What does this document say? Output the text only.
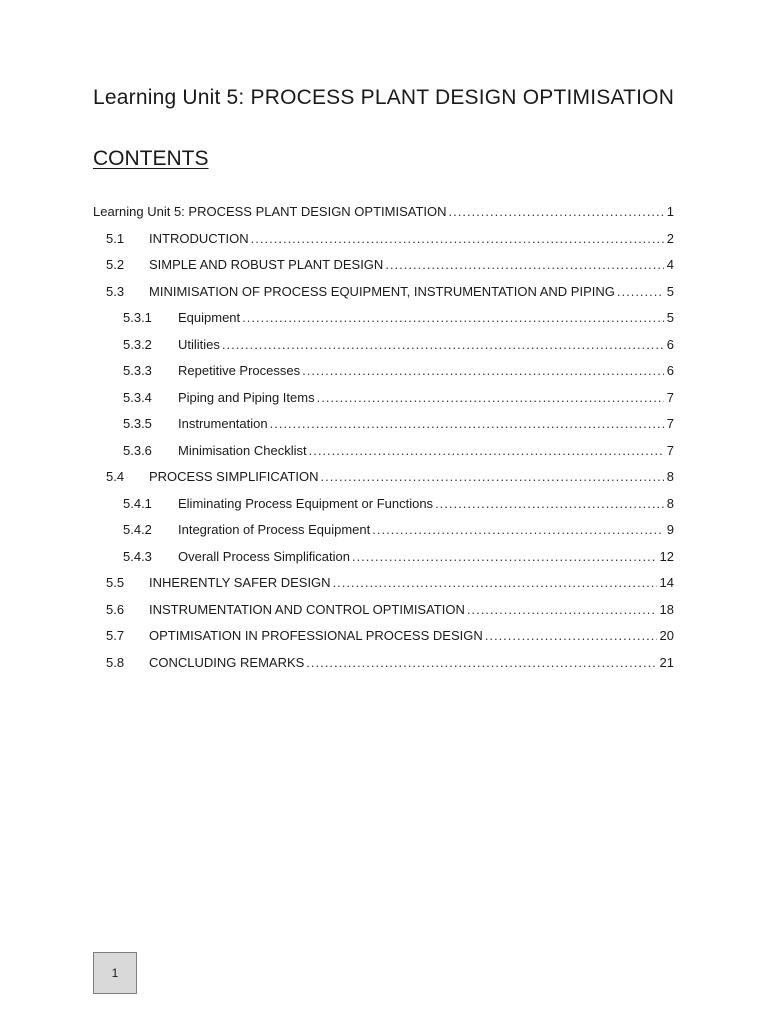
Learning Unit 5: PROCESS PLANT DESIGN OPTIMISATION
CONTENTS
Learning Unit 5: PROCESS PLANT DESIGN OPTIMISATION .....	1
5.1	INTRODUCTION .....	2
5.2	SIMPLE AND ROBUST PLANT DESIGN .....	4
5.3	MINIMISATION OF PROCESS EQUIPMENT, INSTRUMENTATION AND PIPING .....	5
5.3.1	Equipment .....	5
5.3.2	Utilities .....	6
5.3.3	Repetitive Processes .....	6
5.3.4	Piping and Piping Items .....	7
5.3.5	Instrumentation .....	7
5.3.6	Minimisation Checklist .....	7
5.4	PROCESS SIMPLIFICATION .....	8
5.4.1	Eliminating Process Equipment or Functions .....	8
5.4.2	Integration of Process Equipment .....	9
5.4.3	Overall Process Simplification .....	12
5.5	INHERENTLY SAFER DESIGN .....	14
5.6	INSTRUMENTATION AND CONTROL OPTIMISATION .....	18
5.7	OPTIMISATION IN PROFESSIONAL PROCESS DESIGN .....	20
5.8	CONCLUDING REMARKS .....	21
1
